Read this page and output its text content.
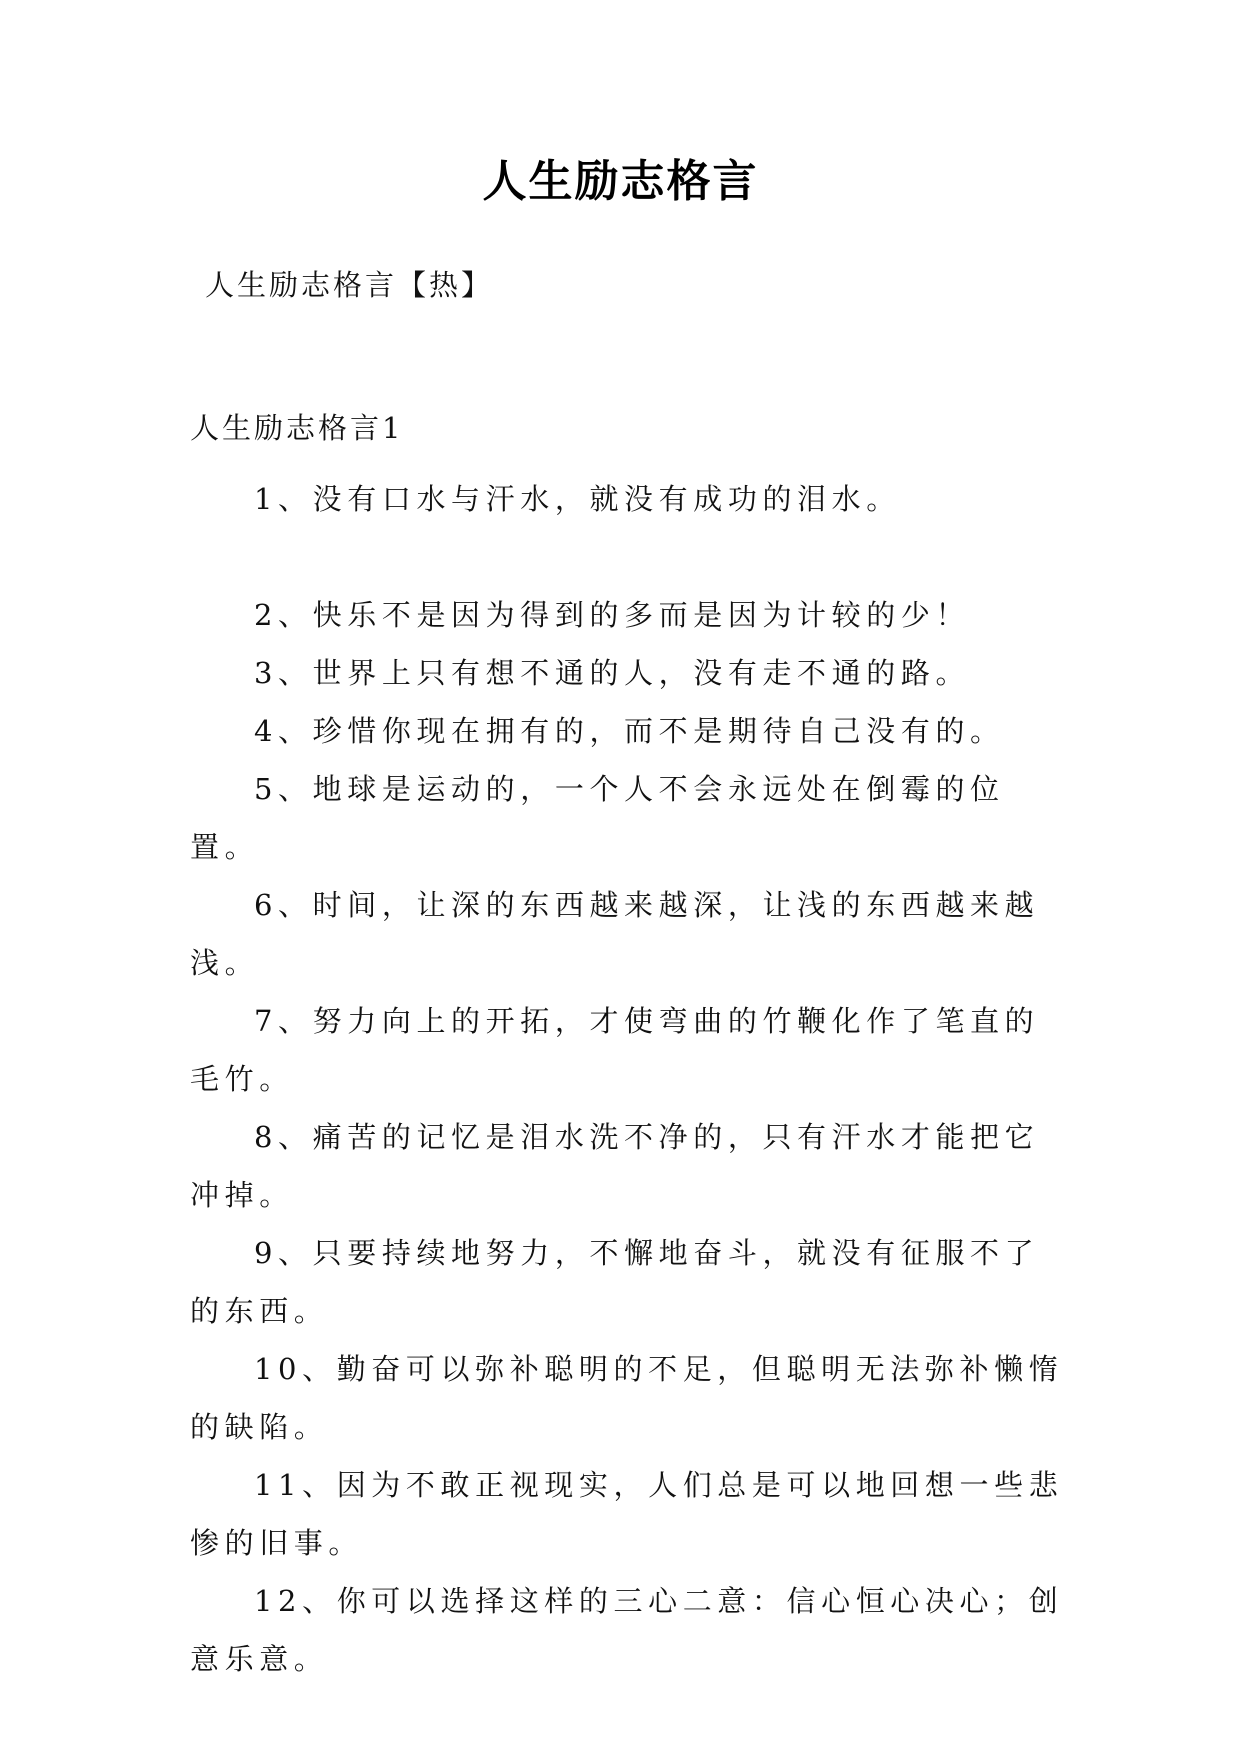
人生励志格言
人生励志格言【热】
人生励志格言1

1、没有口水与汗水，就没有成功的泪水。

2、快乐不是因为得到的多而是因为计较的少！

3、世界上只有想不通的人，没有走不通的路。

4、珍惜你现在拥有的，而不是期待自己没有的。

5、地球是运动的，一个人不会永远处在倒霉的位置。

6、时间，让深的东西越来越深，让浅的东西越来越浅。

7、努力向上的开拓，才使弯曲的竹鞭化作了笔直的毛竹。

8、痛苦的记忆是泪水洗不净的，只有汗水才能把它冲掉。

9、只要持续地努力，不懈地奋斗，就没有征服不了的东西。

10、勤奋可以弥补聪明的不足，但聪明无法弥补懒惰的缺陷。

11、因为不敢正视现实，人们总是可以地回想一些悲惨的旧事。

12、你可以选择这样的三心二意：信心恒心决心；创意乐意。
